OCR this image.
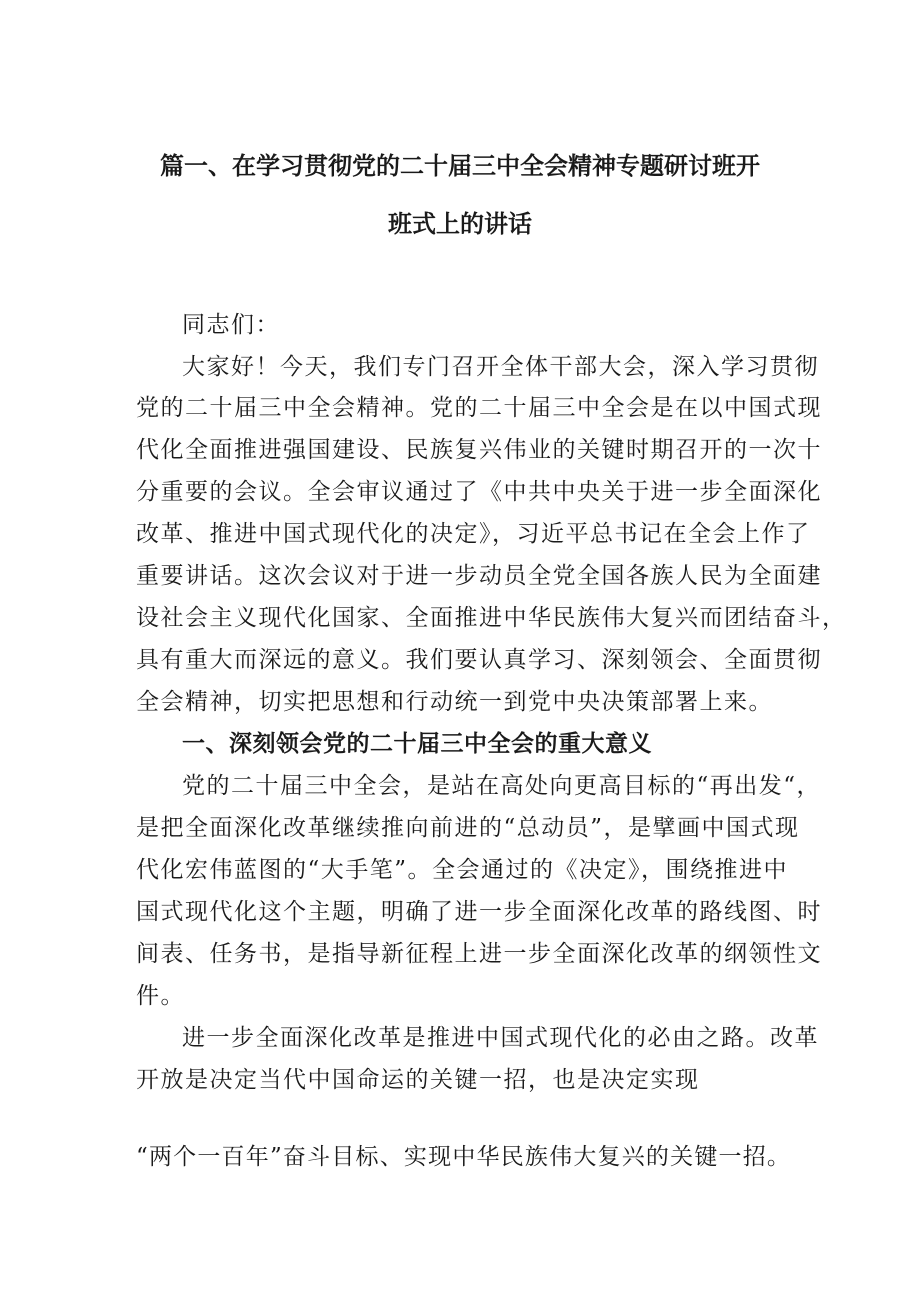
篇一、在学习贯彻党的二十届三中全会精神专题研讨班开
班式上的讲话

同志们：

大家好！今天，我们专门召开全体干部大会，深入学习贯彻

党的二十届三中全会精神。党的二十届三中全会是在以中国式现

代化全面推进强国建设、民族复兴伟业的关键时期召开的一次十

分重要的会议。全会审议通过了《中共中央关于进一步全面深化

改革、推进中国式现代化的决定》，习近平总书记在全会上作了

重要讲话。这次会议对于进一步动员全党全国各族人民为全面建

设社会主义现代化国家、全面推进中华民族伟大复兴而团结奋斗，

具有重大而深远的意义。我们要认真学习、深刻领会、全面贯彻

全会精神，切实把思想和行动统一到党中央决策部署上来。

一、深刻领会党的二十届三中全会的重大意义

党的二十届三中全会，是站在高处向更高目标的“再出发“，

是把全面深化改革继续推向前进的“总动员”，是擘画中国式现

代化宏伟蓝图的“大手笔”。全会通过的《决定》，围绕推进中

国式现代化这个主题，明确了进一步全面深化改革的路线图、时

间表、任务书，是指导新征程上进一步全面深化改革的纲领性文

件。

进一步全面深化改革是推进中国式现代化的必由之路。改革

开放是决定当代中国命运的关键一招，也是决定实现

“两个一百年”奋斗目标、实现中华民族伟大复兴的关键一招。
